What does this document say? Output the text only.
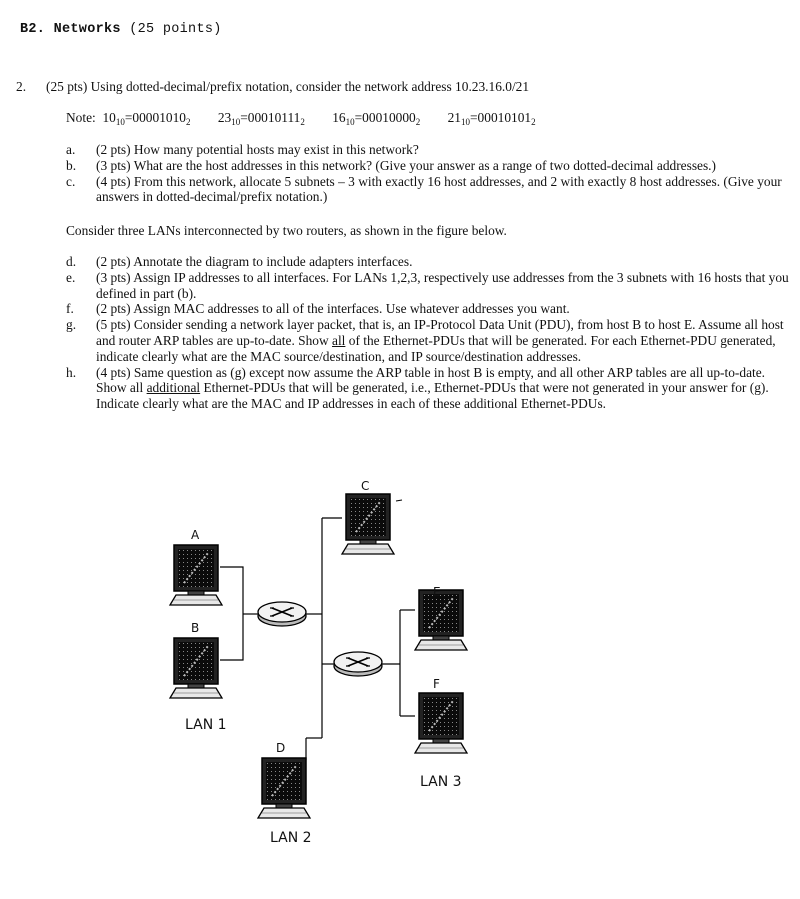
B2. Networks (25 points)
2. (25 pts) Using dotted-decimal/prefix notation, consider the network address 10.23.16.0/21
Note: $10_{10}=00001010_2$ $23_{10}=00010111_2$ $16_{10}=00010000_2$ $21_{10}=00010101_2$
a.	(2 pts) How many potential hosts may exist in this network?
b.	(3 pts) What are the host addresses in this network? (Give your answer as a range of two dotted-decimal addresses.)
c.	(4 pts) From this network, allocate 5 subnets – 3 with exactly 16 host addresses, and 2 with exactly 8 host addresses. (Give your answers in dotted-decimal/prefix notation.)
Consider three LANs interconnected by two routers, as shown in the figure below.
d.	(2 pts) Annotate the diagram to include adapters interfaces.
e.	(3 pts) Assign IP addresses to all interfaces. For LANs 1,2,3, respectively use addresses from the 3 subnets with 16 hosts that you defined in part (b).
f.	(2 pts) Assign MAC addresses to all of the interfaces. Use whatever addresses you want.
g.	(5 pts) Consider sending a network layer packet, that is, an IP-Protocol Data Unit (PDU), from host B to host E. Assume all host and router ARP tables are up-to-date. Show all of the Ethernet-PDUs that will be generated. For each Ethernet-PDU generated, indicate clearly what are the MAC source/destination, and IP source/destination addresses.
h.	(4 pts) Same question as (g) except now assume the ARP table in host B is empty, and all other ARP tables are all up-to-date. Show all additional Ethernet-PDUs that will be generated, i.e., Ethernet-PDUs that were not generated in your answer for (g). Indicate clearly what are the MAC and IP addresses in each of these additional Ethernet-PDUs.
A
B
C
D
E
F
LAN 1
LAN 2
LAN 3
